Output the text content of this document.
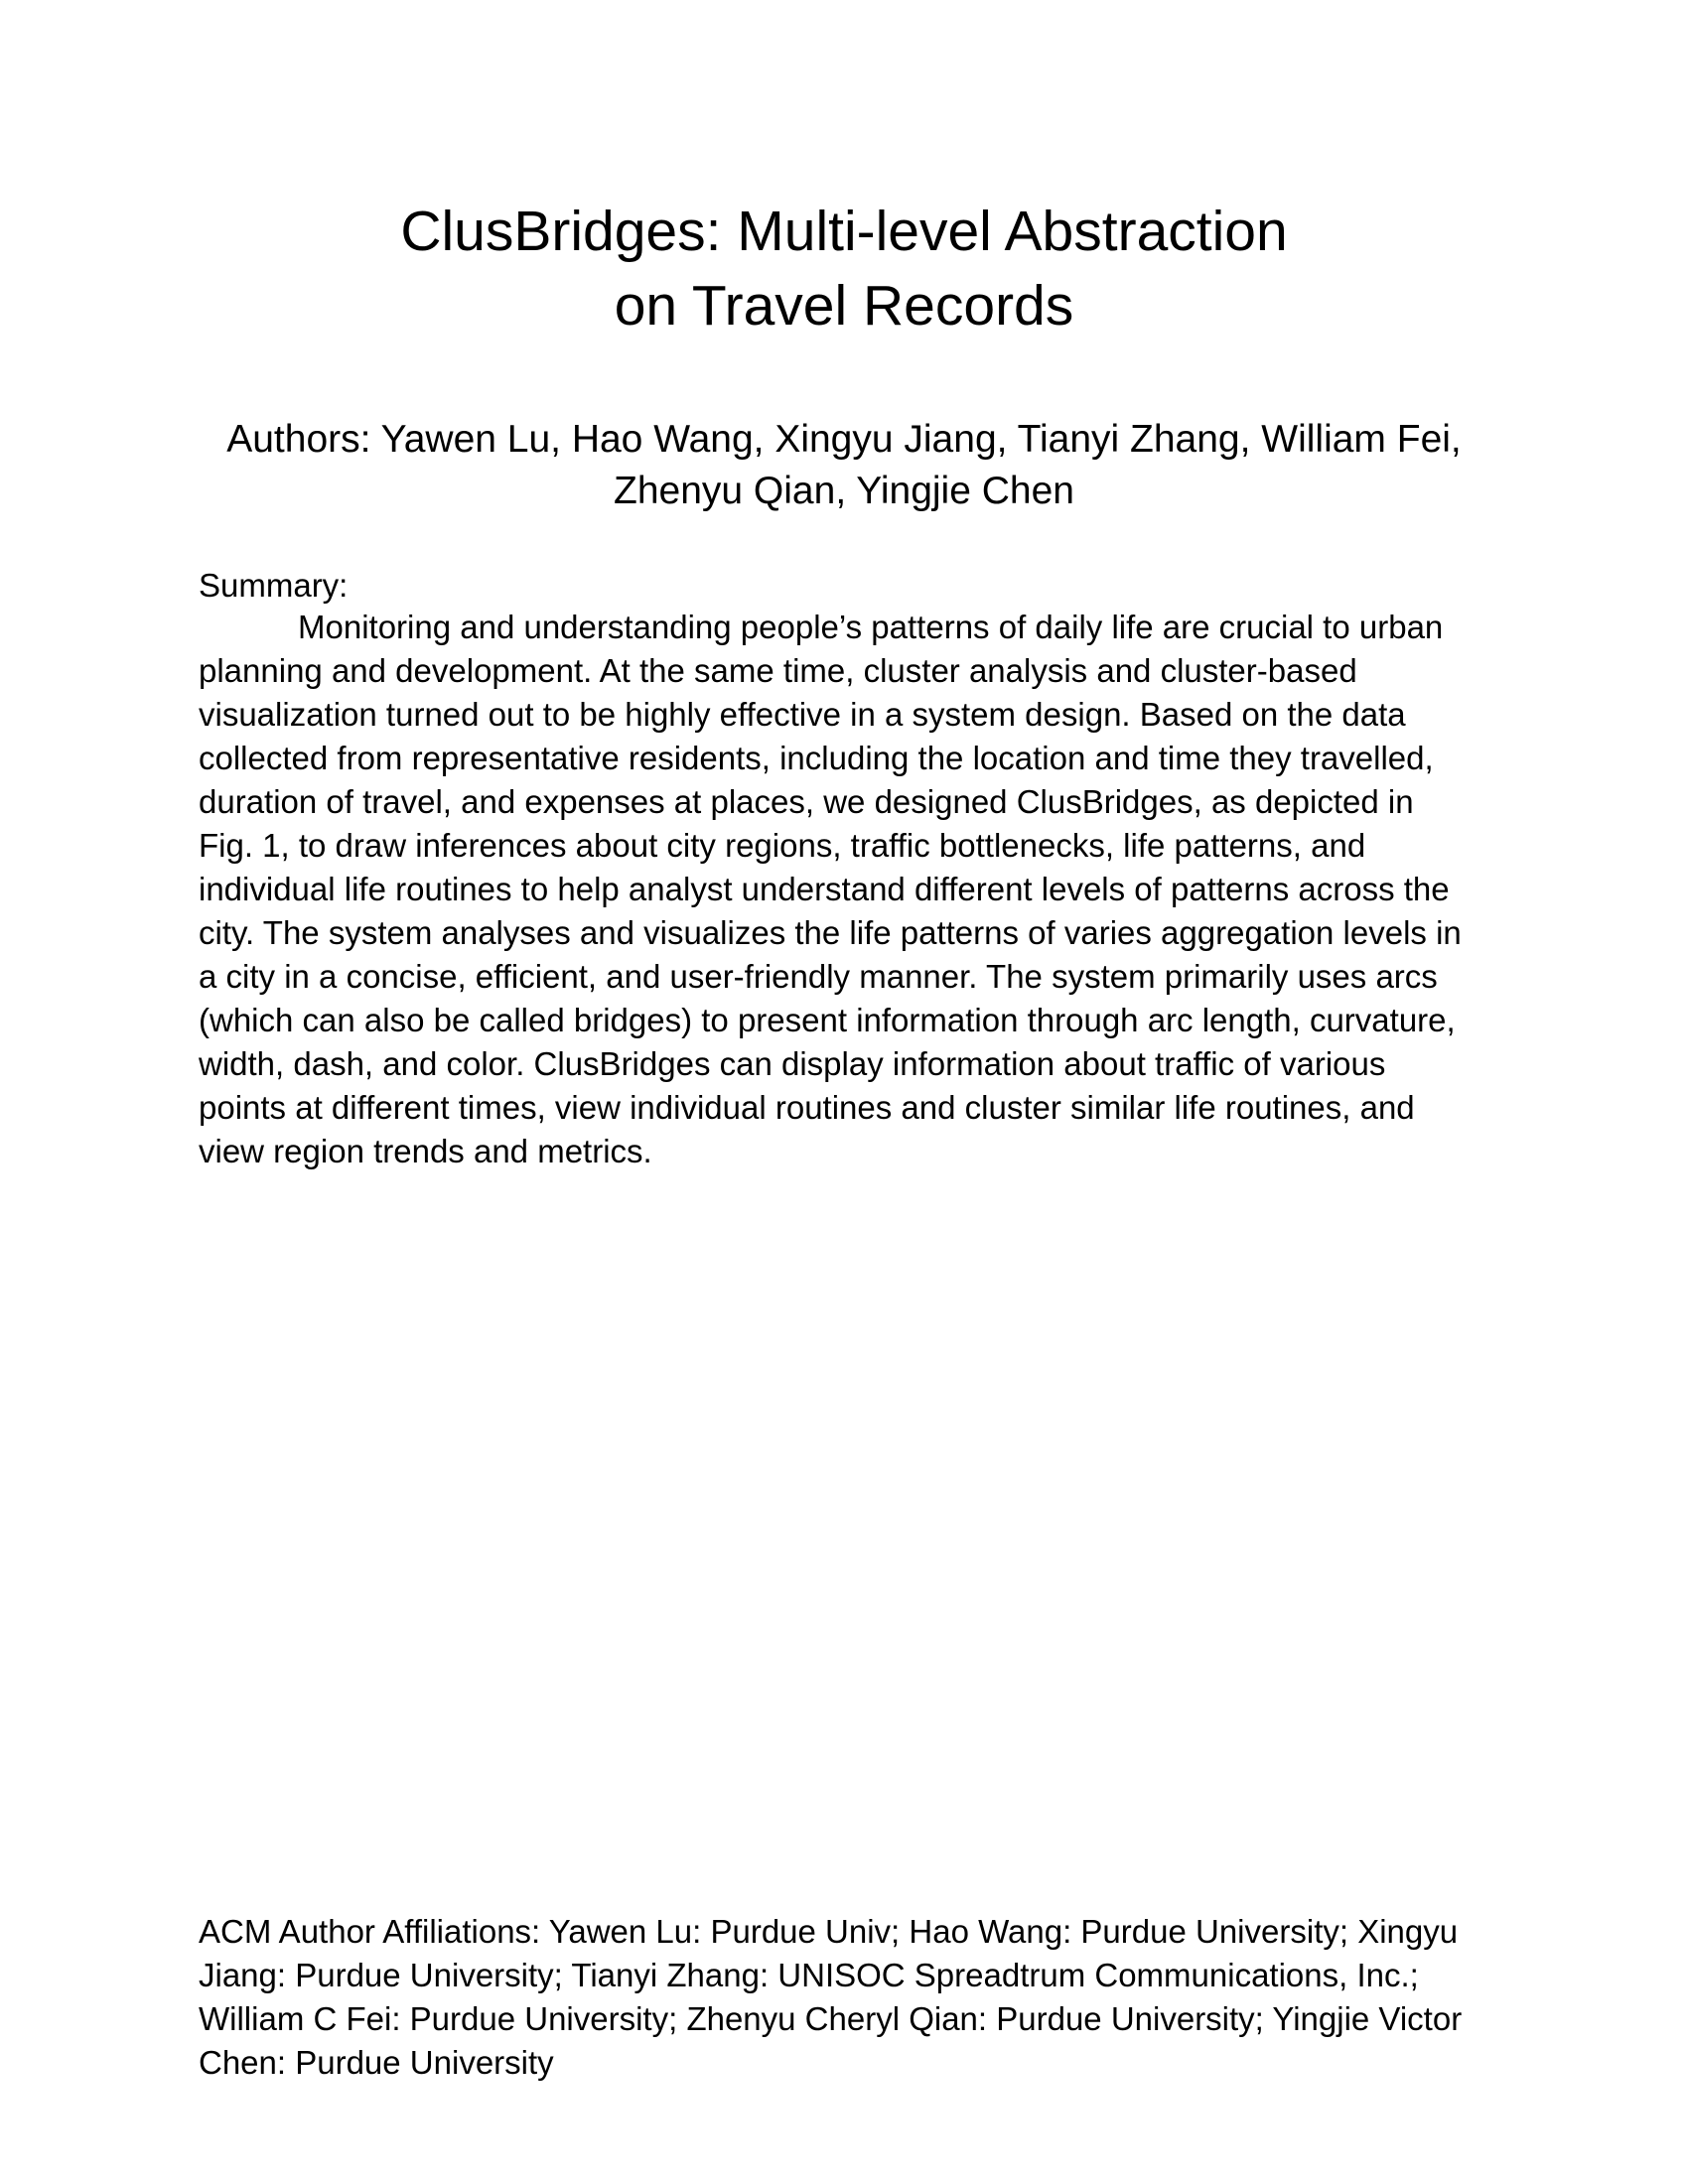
ClusBridges: Multi-level Abstraction
on Travel Records
Authors: Yawen Lu, Hao Wang, Xingyu Jiang, Tianyi Zhang, William Fei,
Zhenyu Qian, Yingjie Chen
Summary:
Monitoring and understanding people’s patterns of daily life are crucial to urban
planning and development. At the same time, cluster analysis and cluster-based
visualization turned out to be highly effective in a system design. Based on the data
collected from representative residents, including the location and time they travelled,
duration of travel, and expenses at places, we designed ClusBridges, as depicted in
Fig. 1, to draw inferences about city regions, traffic bottlenecks, life patterns, and
individual life routines to help analyst understand different levels of patterns across the
city. The system analyses and visualizes the life patterns of varies aggregation levels in
a city in a concise, efficient, and user-friendly manner. The system primarily uses arcs
(which can also be called bridges) to present information through arc length, curvature,
width, dash, and color. ClusBridges can display information about traffic of various
points at different times, view individual routines and cluster similar life routines, and
view region trends and metrics.
ACM Author Affiliations: Yawen Lu: Purdue Univ; Hao Wang: Purdue University; Xingyu
Jiang: Purdue University; Tianyi Zhang: UNISOC Spreadtrum Communications, Inc.;
William C Fei: Purdue University; Zhenyu Cheryl Qian: Purdue University; Yingjie Victor
Chen: Purdue University
